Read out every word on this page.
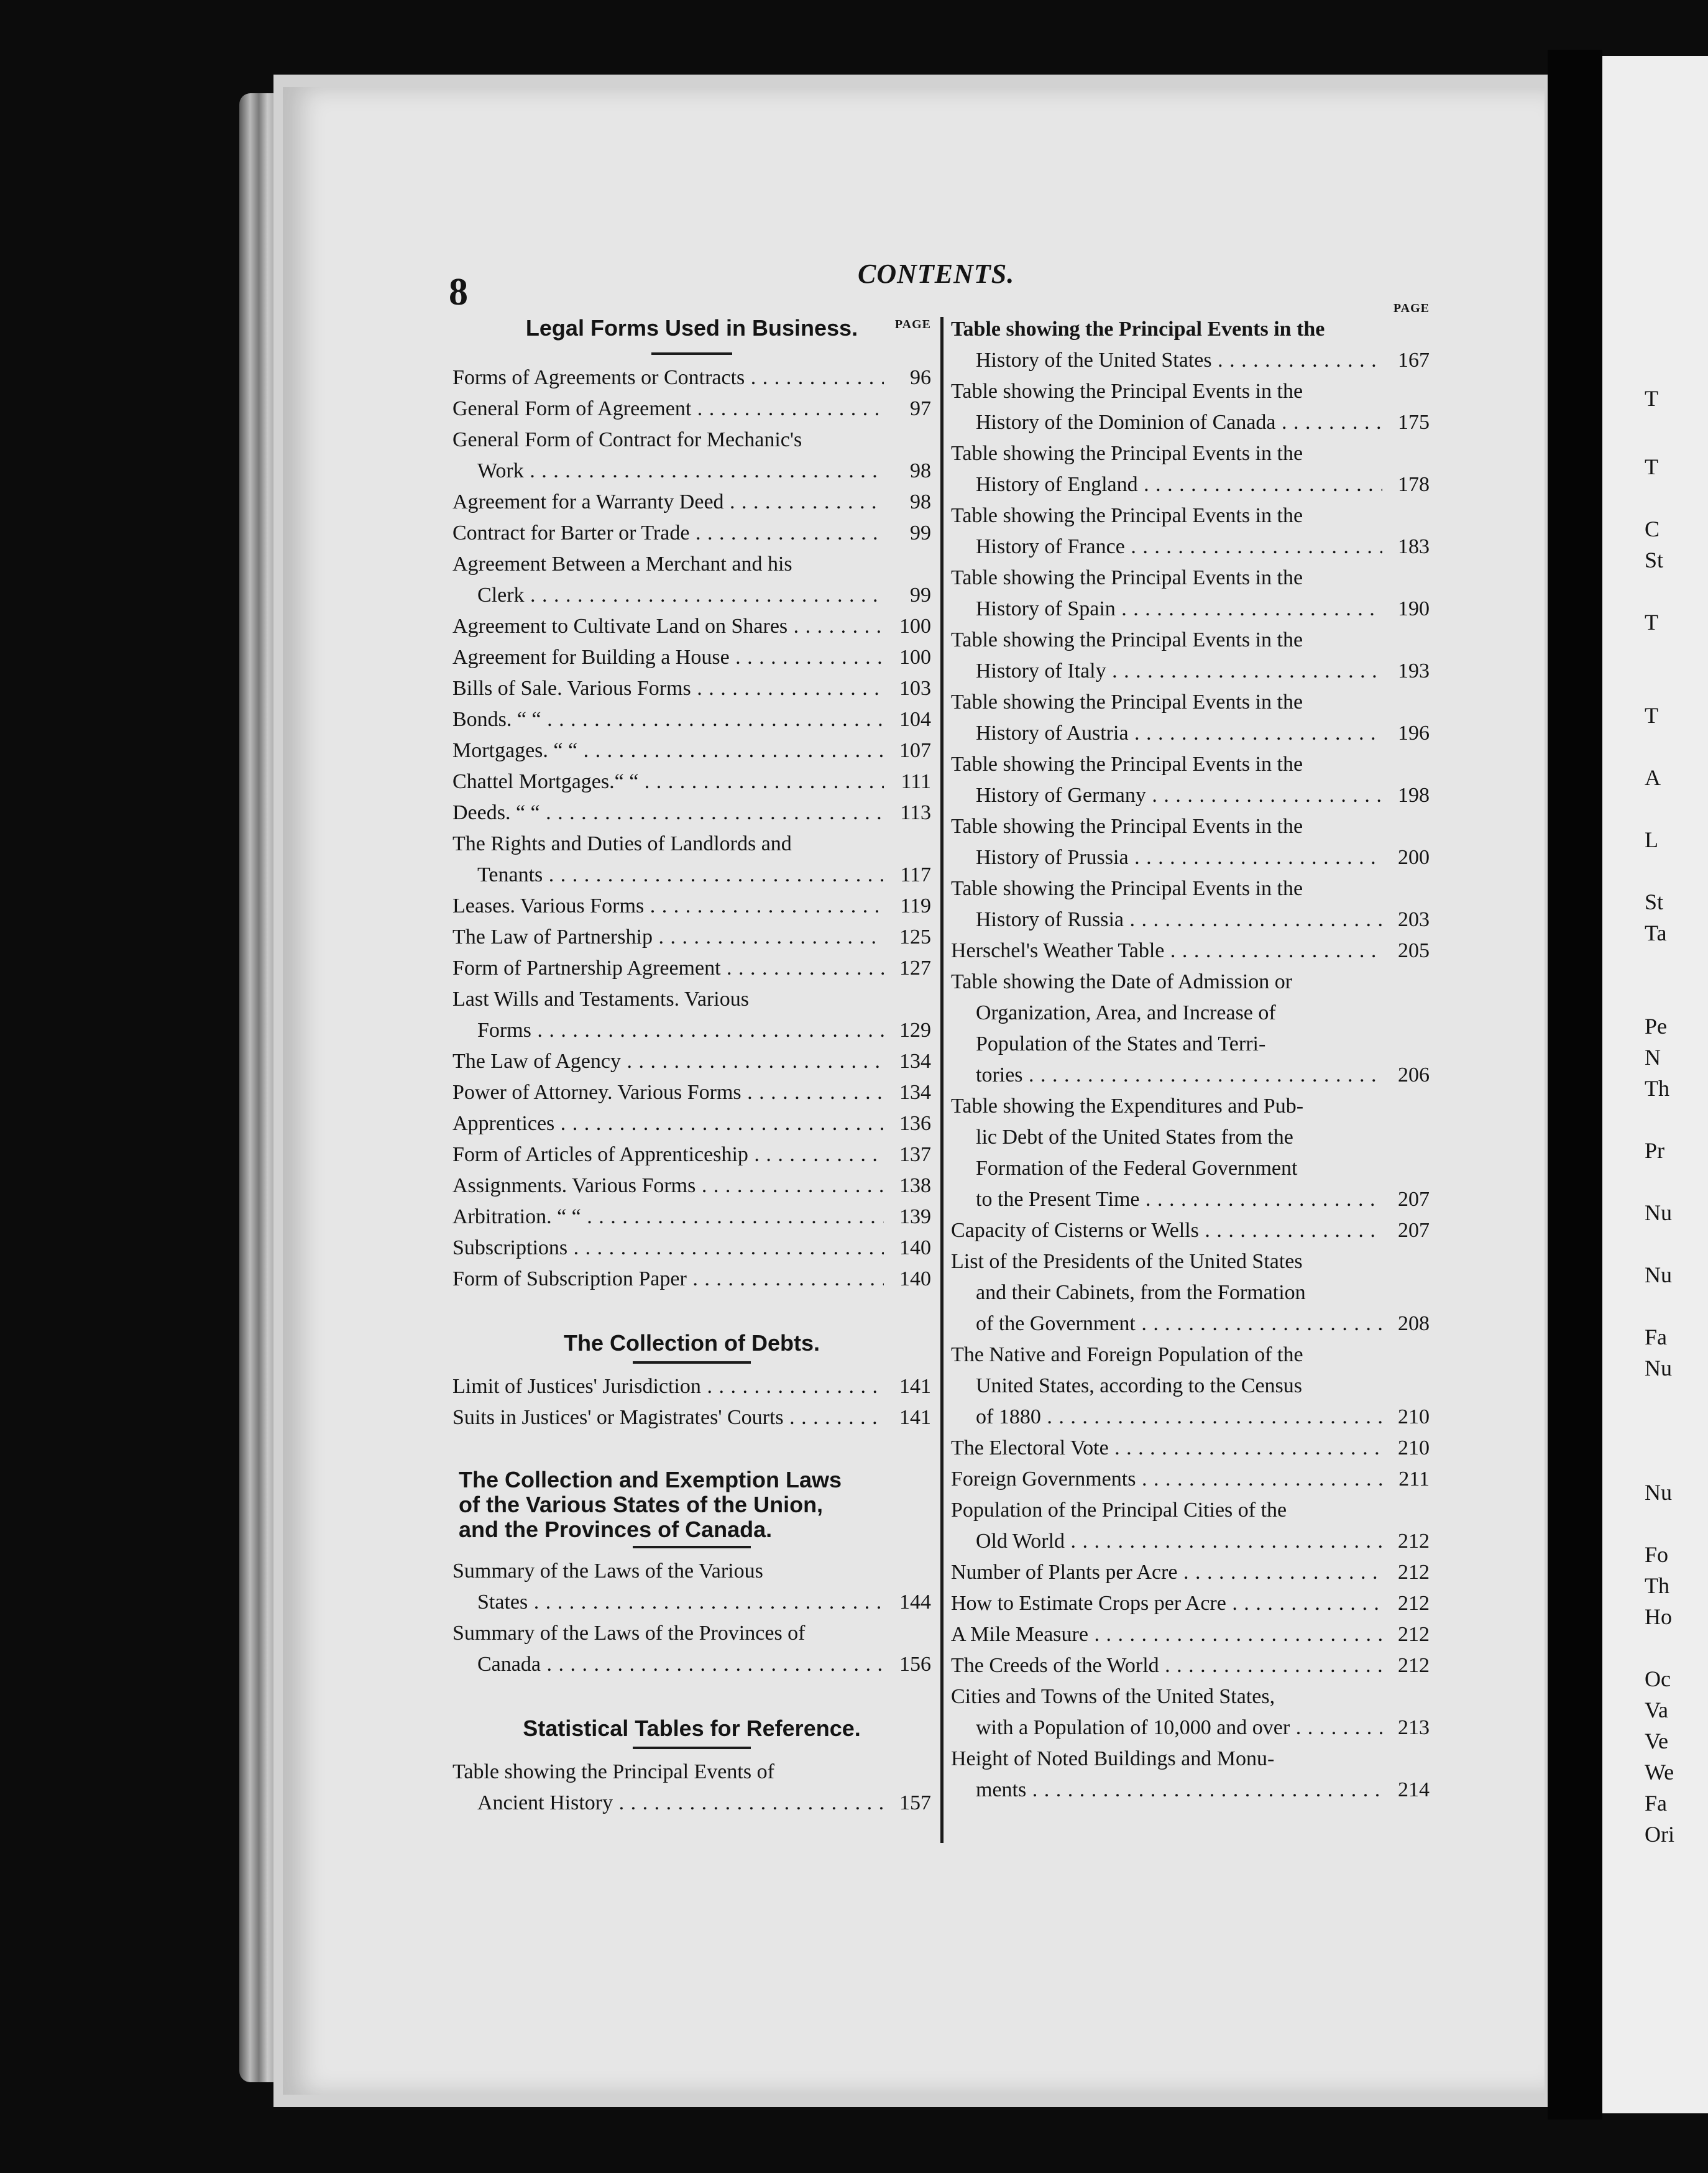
T
T
C
St
T
T
A
L
St
Ta
Pe
N
Th
Pr
Nu
Nu
Fa
Nu
Nu
Fo
Th
Ho
Oc
Va
Ve
We
Fa
Ori
8	CONTENTS.
Legal Forms Used in Business.	PAGE
Forms of Agreements or Contracts . . .	96
General Form of Agreement . . .	97
General Form of Contract for Mechanic's
Work . . .	98
Agreement for a Warranty Deed . . .	98
Contract for Barter or Trade . . .	99
Agreement Between a Merchant and his
Clerk . . .	99
Agreement to Cultivate Land on Shares . . .	100
Agreement for Building a House . . .	100
Bills of Sale. Various Forms . . .	103
Bonds. “ “ . . .	104
Mortgages. “ “ . . .	107
Chattel Mortgages.“ “ . . .	111
Deeds. “ “ . . .	113
The Rights and Duties of Landlords and
Tenants . . .	117
Leases. Various Forms . . .	119
The Law of Partnership . . .	125
Form of Partnership Agreement . . .	127
Last Wills and Testaments. Various
Forms . . .	129
The Law of Agency . . .	134
Power of Attorney. Various Forms . . .	134
Apprentices . . .	136
Form of Articles of Apprenticeship . . .	137
Assignments. Various Forms . . .	138
Arbitration. “ “ . . .	139
Subscriptions . . .	140
Form of Subscription Paper . . .	140
The Collection of Debts.
Limit of Justices' Jurisdiction . . .	141
Suits in Justices' or Magistrates' Courts . . .	141
The Collection and Exemption Laws
of the Various States of the Union,
and the Provinces of Canada.
Summary of the Laws of the Various
States . . .	144
Summary of the Laws of the Provinces of
Canada . . .	156
Statistical Tables for Reference.
Table showing the Principal Events of
Ancient History . . .	157
PAGE
Table showing the Principal Events in the
History of the United States . . .	167
Table showing the Principal Events in the
History of the Dominion of Canada . . .	175
Table showing the Principal Events in the
History of England . . .	178
Table showing the Principal Events in the
History of France . . .	183
Table showing the Principal Events in the
History of Spain . . .	190
Table showing the Principal Events in the
History of Italy . . .	193
Table showing the Principal Events in the
History of Austria . . .	196
Table showing the Principal Events in the
History of Germany . . .	198
Table showing the Principal Events in the
History of Prussia . . .	200
Table showing the Principal Events in the
History of Russia . . .	203
Herschel's Weather Table . . .	205
Table showing the Date of Admission or
Organization, Area, and Increase of
Population of the States and Terri-
tories . . .	206
Table showing the Expenditures and Pub-
lic Debt of the United States from the
Formation of the Federal Government
to the Present Time . . .	207
Capacity of Cisterns or Wells . . .	207
List of the Presidents of the United States
and their Cabinets, from the Formation
of the Government . . .	208
The Native and Foreign Population of the
United States, according to the Census
of 1880 . . .	210
The Electoral Vote . . .	210
Foreign Governments . . .	211
Population of the Principal Cities of the
Old World . . .	212
Number of Plants per Acre . . .	212
How to Estimate Crops per Acre . . .	212
A Mile Measure . . .	212
The Creeds of the World . . .	212
Cities and Towns of the United States,
with a Population of 10,000 and over . . .	213
Height of Noted Buildings and Monu-
ments . . .	214
